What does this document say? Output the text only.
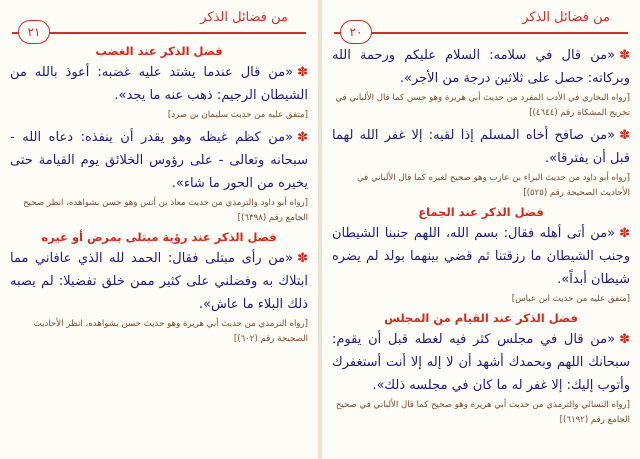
من فضائل الذكر
٢١
فضل الذكر عند الغضب

✽«من قال عندما يشتد عليه غضبه: أعوذ بالله من الشيطان الرجيم: ذهب عنه ما يجد».

[متفق عليه من حديث سليمان بن صرد]

✽«من كظم غيظه وهو يقدر أن ينفذه: دعاه الله - سبحانه وتعالى - على رؤوس الخلائق يوم القيامة حتى يخيره من الحور ما شاء».

[رواه أبو داود والترمذي من حديث معاذ بن أنس وهو حسن بشواهده، انظر صحيح الجامع رقم (٦٣٩٨)]
فضل الذكر عند رؤية مبتلى بمرض أو غيره

✽«من رأى مبتلى فقال: الحمد لله الذي عافاني مما ابتلاك به وفضلني على كثير ممن خلق تفضيلا: لم يصبه ذلك البلاء ما عاش».

[رواه الترمذي من حديث أبي هريرة وهو حديث حسن بشواهده، انظر الأحاديث الصحيحة رقم (٦٠٢)]
من فضائل الذكر
٢٠

✽«من قال في سلامه: السلام عليكم ورحمة الله وبركاته: حصل على ثلاثين درجة من الأجر».

[رواه البخاري في الأدب المفرد من حديث أبي هريرة وهو حسن كما قال الألباني في تخريج المشكاة رقم (٤٦٤٤)]

✽«من صافح أخاه المسلم إذا لقيه: إلا غفر الله لهما قبل أن يفترقا».

[رواه أبو داود من حديث البراء بن عازب وهو صحيح لغيره كما قال الألباني في الأحاديث الصحيحة رقم (٥٢٥)]
فضل الذكر عند الجماع

✽«من أتى أهله فقال: بسم الله، اللهم جنبنا الشيطان وجنب الشيطان ما رزقتنا ثم قضي بينهما بولد لم يضره شيطان أبداً».

[متفق عليه من حديث ابن عباس]
فضل الذكر عند القيام من المجلس

✽«من قال في مجلس كثر فيه لغطه قبل أن يقوم: سبحانك اللهم وبحمدك أشهد أن لا إله إلا أنت أستغفرك وأتوب إليك: إلا غفر له ما كان في مجلسه ذلك».

[رواه النسائي والترمذي من حديث أبي هريرة وهو صحيح كما قال الألباني في صحيح الجامع رقم (٦١٩٢)]
